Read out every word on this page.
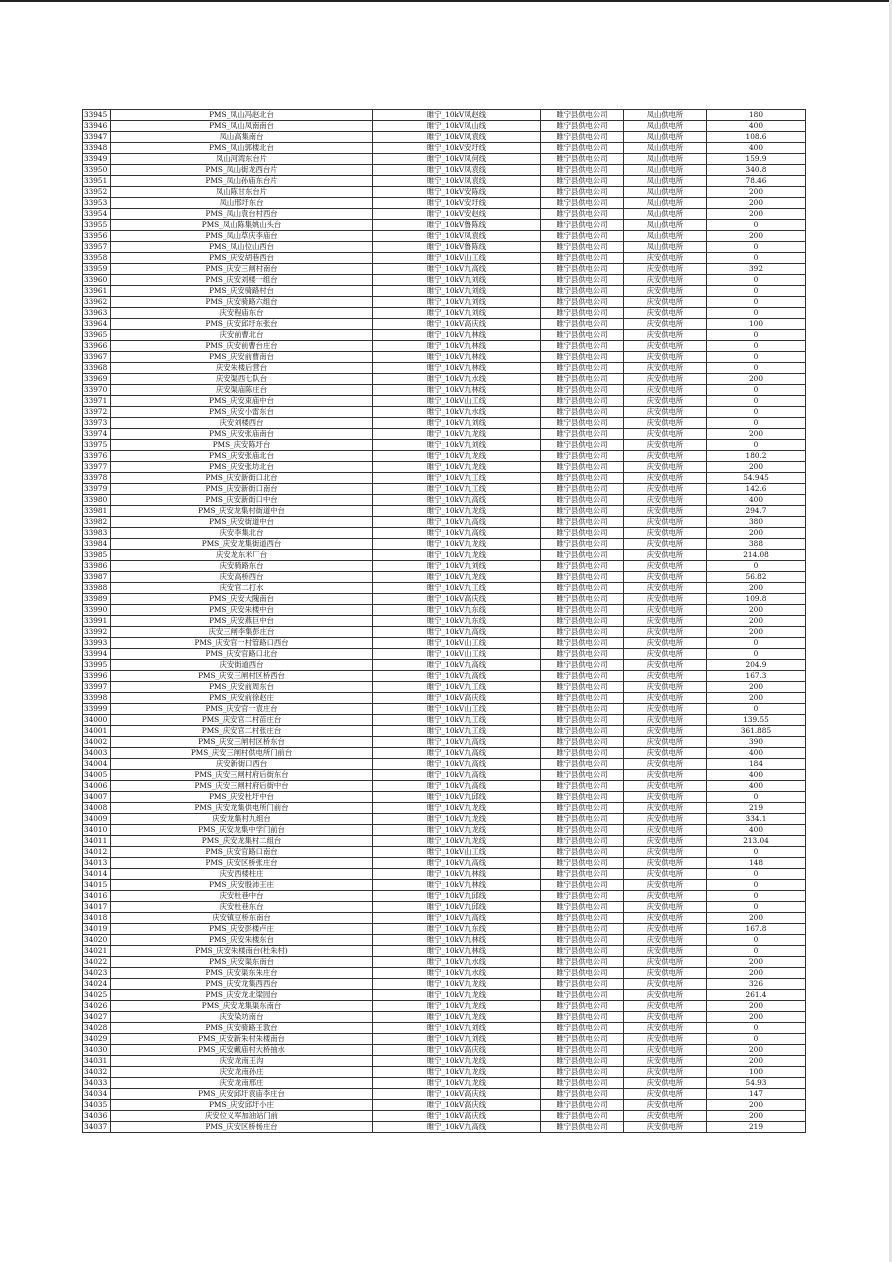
33945	PMS_凤山冯赵北台	睢宁_10kV凤赵线	睢宁县供电公司	凤山供电所	180
33946	PMS_凤山凤南南台	睢宁_10kV凤山线	睢宁县供电公司	凤山供电所	400
33947	凤山高集南台	睢宁_10kV凤袁线	睢宁县供电公司	凤山供电所	108.6
33948	PMS_凤山郭楼北台	睢宁_10kV安圩线	睢宁县供电公司	凤山供电所	400
33949	凤山河湾东台片	睢宁_10kV凤何线	睢宁县供电公司	凤山供电所	159.9
33950	PMS_凤山街龙西台片	睢宁_10kV凤袁线	睢宁县供电公司	凤山供电所	340.8
33951	PMS_凤山孙庙东台片	睢宁_10kV凤袁线	睢宁县供电公司	凤山供电所	78.46
33952	凤山陈甘东台片	睢宁_10kV安陈线	睢宁县供电公司	凤山供电所	200
33953	凤山邢圩东台	睢宁_10kV安圩线	睢宁县供电公司	凤山供电所	200
33954	PMS_凤山袁台村西台	睢宁_10kV安赵线	睢宁县供电公司	凤山供电所	200
33955	PMS_凤山陈集姚山头台	睢宁_10kV鲁陈线	睢宁县供电公司	凤山供电所	0
33956	PMS_凤山草庆李庙台	睢宁_10kV凤袁线	睢宁县供电公司	凤山供电所	200
33957	PMS_凤山位山西台	睢宁_10kV鲁陈线	睢宁县供电公司	凤山供电所	0
33958	PMS_庆安胡巷西台	睢宁_10kV山工线	睢宁县供电公司	庆安供电所	0
33959	PMS_庆安三闸村南台	睢宁_10kV九高线	睢宁县供电公司	庆安供电所	392
33960	PMS_庆安刘楼一组台	睢宁_10kV九刘线	睢宁县供电公司	庆安供电所	0
33961	PMS_庆安骑路村台	睢宁_10kV九刘线	睢宁县供电公司	庆安供电所	0
33962	PMS_庆安骑路六组台	睢宁_10kV九刘线	睢宁县供电公司	庆安供电所	0
33963	庆安程庙东台	睢宁_10kV九刘线	睢宁县供电公司	庆安供电所	0
33964	PMS_庆安邱圩东张台	睢宁_10kV高庆线	睢宁县供电公司	庆安供电所	100
33965	庆安前曹北台	睢宁_10kV九林线	睢宁县供电公司	庆安供电所	0
33966	PMS_庆安前曹台庄台	睢宁_10kV九林线	睢宁县供电公司	庆安供电所	0
33967	PMS_庆安前曹南台	睢宁_10kV九林线	睢宁县供电公司	庆安供电所	0
33968	庆安朱楼后营台	睢宁_10kV九林线	睢宁县供电公司	庆安供电所	0
33969	庆安渠西七队台	睢宁_10kV九水线	睢宁县供电公司	庆安供电所	200
33970	庆安渠庙陈庄台	睢宁_10kV九林线	睢宁县供电公司	庆安供电所	0
33971	PMS_庆安束庙中台	睢宁_10kV山工线	睢宁县供电公司	庆安供电所	0
33972	PMS_庆安小雷东台	睢宁_10kV九水线	睢宁县供电公司	庆安供电所	0
33973	庆安刘楼西台	睢宁_10kV九刘线	睢宁县供电公司	庆安供电所	0
33974	PMS_庆安张庙南台	睢宁_10kV九龙线	睢宁县供电公司	庆安供电所	200
33975	PMS_庆安陈圩台	睢宁_10kV九刘线	睢宁县供电公司	庆安供电所	0
33976	PMS_庆安张庙北台	睢宁_10kV九龙线	睢宁县供电公司	庆安供电所	180.2
33977	PMS_庆安张坊北台	睢宁_10kV九龙线	睢宁县供电公司	庆安供电所	200
33978	PMS_庆安新街口北台	睢宁_10kV九工线	睢宁县供电公司	庆安供电所	54.945
33979	PMS_庆安新街口南台	睢宁_10kV九工线	睢宁县供电公司	庆安供电所	142.6
33980	PMS_庆安新街口中台	睢宁_10kV九高线	睢宁县供电公司	庆安供电所	400
33981	PMS_庆安龙集村街道中台	睢宁_10kV九龙线	睢宁县供电公司	庆安供电所	294.7
33982	PMS_庆安街道中台	睢宁_10kV九高线	睢宁县供电公司	庆安供电所	380
33983	庆安李集北台	睢宁_10kV九高线	睢宁县供电公司	庆安供电所	200
33984	PMS_庆安龙集街道西台	睢宁_10kV九龙线	睢宁县供电公司	庆安供电所	388
33985	庆安龙东米厂台	睢宁_10kV九龙线	睢宁县供电公司	庆安供电所	214.08
33986	庆安骑路东台	睢宁_10kV九刘线	睢宁县供电公司	庆安供电所	0
33987	庆安高桥西台	睢宁_10kV九龙线	睢宁县供电公司	庆安供电所	56.82
33988	庆安官二打水	睢宁_10kV九工线	睢宁县供电公司	庆安供电所	200
33989	PMS_庆安大隗南台	睢宁_10kV高庆线	睢宁县供电公司	庆安供电所	109.8
33990	PMS_庆安朱楼中台	睢宁_10kV九东线	睢宁县供电公司	庆安供电所	200
33991	PMS_庆安燕巨中台	睢宁_10kV九东线	睢宁县供电公司	庆安供电所	200
33992	庆安三闸李集彭庄台	睢宁_10kV九高线	睢宁县供电公司	庆安供电所	200
33993	PMS_庆安官一村管路口西台	睢宁_10kV山工线	睢宁县供电公司	庆安供电所	0
33994	PMS_庆安官路口北台	睢宁_10kV山工线	睢宁县供电公司	庆安供电所	0
33995	庆安街道西台	睢宁_10kV九高线	睢宁县供电公司	庆安供电所	204.9
33996	PMS_庆安三闸村区桥西台	睢宁_10kV九高线	睢宁县供电公司	庆安供电所	167.3
33997	PMS_庆安前周东台	睢宁_10kV九工线	睢宁县供电公司	庆安供电所	200
33998	PMS_庆安前徐赵庄	睢宁_10kV高庆线	睢宁县供电公司	庆安供电所	200
33999	PMS_庆安官一袁庄台	睢宁_10kV山工线	睢宁县供电公司	庆安供电所	0
34000	PMS_庆安官二村苗庄台	睢宁_10kV九工线	睢宁县供电公司	庆安供电所	139.55
34001	PMS_庆安官二村张庄台	睢宁_10kV九工线	睢宁县供电公司	庆安供电所	361.885
34002	PMS_庆安三闸村区桥东台	睢宁_10kV九高线	睢宁县供电公司	庆安供电所	390
34003	PMS_庆安三闸村供电所门前台	睢宁_10kV九高线	睢宁县供电公司	庆安供电所	400
34004	庆安新街口西台	睢宁_10kV九高线	睢宁县供电公司	庆安供电所	184
34005	PMS_庆安三闸村府后街东台	睢宁_10kV九高线	睢宁县供电公司	庆安供电所	400
34006	PMS_庆安三闸村府后街中台	睢宁_10kV九高线	睢宁县供电公司	庆安供电所	400
34007	PMS_庆安杜圩中台	睢宁_10kV九邱线	睢宁县供电公司	庆安供电所	0
34008	PMS_庆安龙集供电所门前台	睢宁_10kV九龙线	睢宁县供电公司	庆安供电所	219
34009	庆安龙集村九组台	睢宁_10kV九龙线	睢宁县供电公司	庆安供电所	334.1
34010	PMS_庆安龙集中学门前台	睢宁_10kV九龙线	睢宁县供电公司	庆安供电所	400
34011	PMS_庆安龙集村二组台	睢宁_10kV九龙线	睢宁县供电公司	庆安供电所	213.04
34012	PMS_庆安官路口南台	睢宁_10kV山工线	睢宁县供电公司	庆安供电所	0
34013	PMS_庆安区桥张庄台	睢宁_10kV九高线	睢宁县供电公司	庆安供电所	148
34014	庆安西楼柱庄	睢宁_10kV九林线	睢宁县供电公司	庆安供电所	0
34015	PMS_庆安殷沛王庄	睢宁_10kV九林线	睢宁县供电公司	庆安供电所	0
34016	庆安杜巷中台	睢宁_10kV九邱线	睢宁县供电公司	庆安供电所	0
34017	庆安杜巷东台	睢宁_10kV九邱线	睢宁县供电公司	庆安供电所	0
34018	庆安镇豆桥东南台	睢宁_10kV九高线	睢宁县供电公司	庆安供电所	200
34019	PMS_庆安彭楼卢庄	睢宁_10kV九东线	睢宁县供电公司	庆安供电所	167.8
34020	PMS_庆安朱楼东台	睢宁_10kV九林线	睢宁县供电公司	庆安供电所	0
34021	PMS_庆安朱楼南台(杜朱村)	睢宁_10kV九林线	睢宁县供电公司	庆安供电所	0
34022	PMS_庆安渠东南台	睢宁_10kV九水线	睢宁县供电公司	庆安供电所	200
34023	PMS_庆安渠东朱庄台	睢宁_10kV九水线	睢宁县供电公司	庆安供电所	200
34024	PMS_庆安龙集西西台	睢宁_10kV九龙线	睢宁县供电公司	庆安供电所	326
34025	PMS_庆安龙北梁园台	睢宁_10kV九龙线	睢宁县供电公司	庆安供电所	261.4
34026	PMS_庆安龙集渠东南台	睢宁_10kV九龙线	睢宁县供电公司	庆安供电所	200
34027	庆安染坊南台	睢宁_10kV九龙线	睢宁县供电公司	庆安供电所	200
34028	PMS_庆安骑路王敦台	睢宁_10kV九刘线	睢宁县供电公司	庆安供电所	0
34029	PMS_庆安新朱村朱楼南台	睢宁_10kV九刘线	睢宁县供电公司	庆安供电所	0
34030	PMS_庆安戴庙村大桥抽水	睢宁_10kV高庆线	睢宁县供电公司	庆安供电所	200
34031	庆安龙南王沟	睢宁_10kV九龙线	睢宁县供电公司	庆安供电所	200
34032	庆安龙南孙庄	睢宁_10kV九龙线	睢宁县供电公司	庆安供电所	100
34033	庆安龙南邢庄	睢宁_10kV九龙线	睢宁县供电公司	庆安供电所	54.93
34034	PMS_庆安邱圩袁庙李庄台	睢宁_10kV高庆线	睢宁县供电公司	庆安供电所	147
34035	PMS_庆安邱圩小庄	睢宁_10kV高庆线	睢宁县供电公司	庆安供电所	200
34036	庆安位义军加油站门前	睢宁_10kV高庆线	睢宁县供电公司	庆安供电所	200
34037	PMS_庆安区桥杨庄台	睢宁_10kV九高线	睢宁县供电公司	庆安供电所	219
